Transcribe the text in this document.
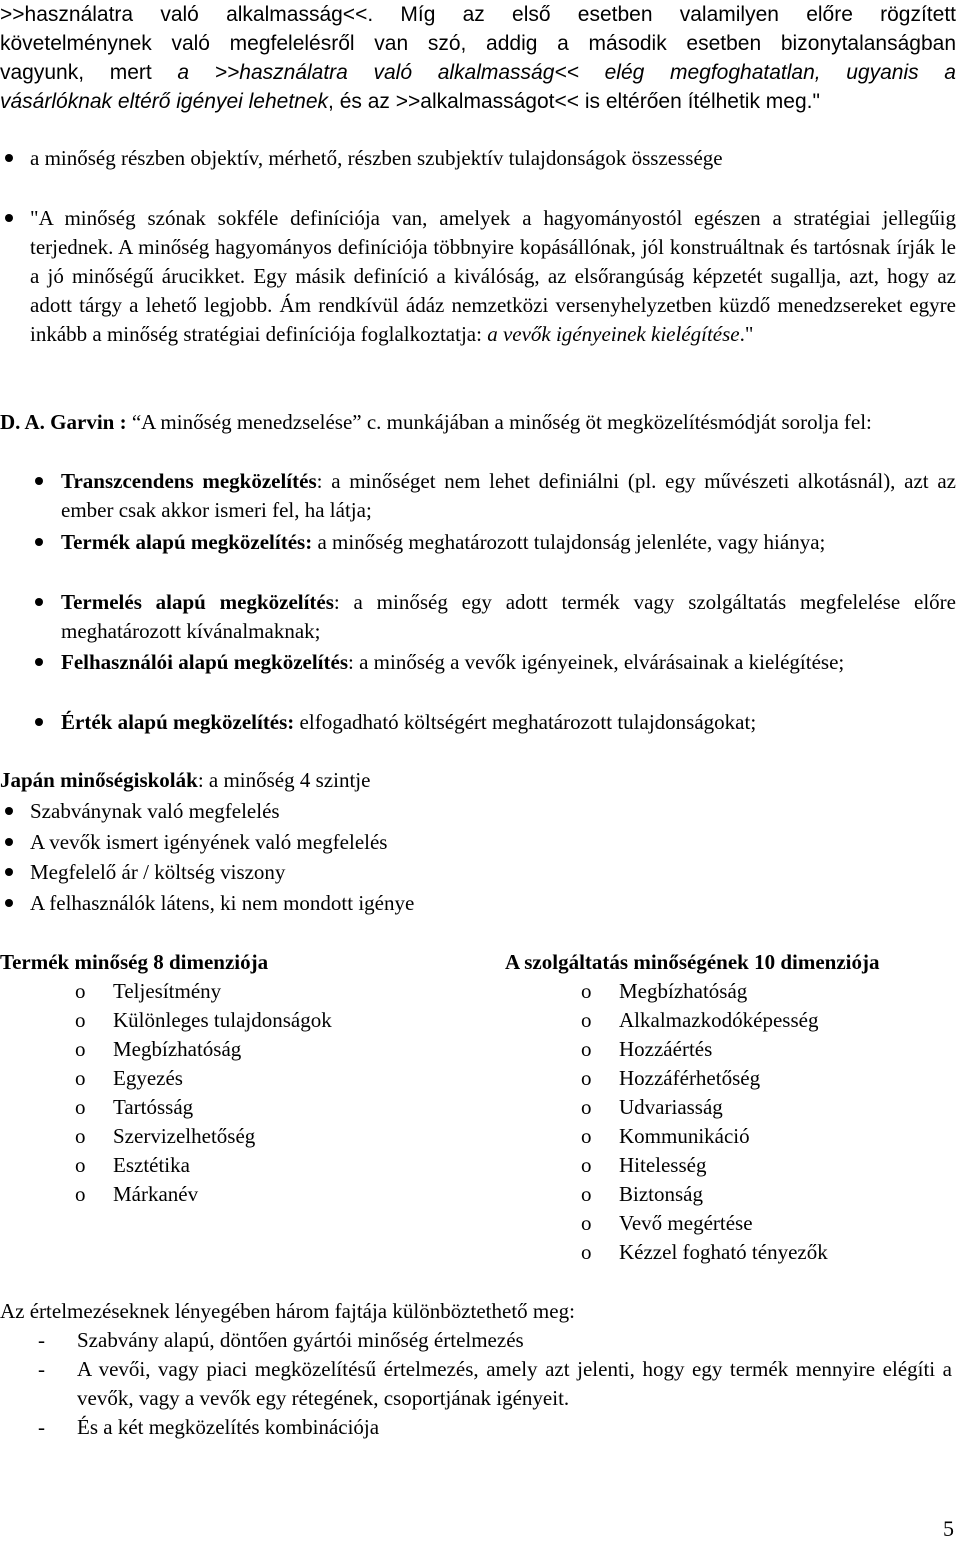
>>használatra való alkalmasság<<. Míg az első esetben valamilyen előre rögzített
követelménynek való megfelelésről van szó, addig a második esetben bizonytalanságban
vagyunk, mert a >>használatra való alkalmasság<< elég megfoghatatlan, ugyanis a
vásárlóknak eltérő igényei lehetnek, és az >>alkalmasságot<< is eltérően ítélhetik meg."
a minőség részben objektív, mérhető, részben szubjektív tulajdonságok összessége
"A minőség szónak sokféle definíciója van, amelyek a hagyományostól egészen a stratégiai jellegűig terjednek. A minőség hagyományos definíciója többnyire kopásállónak, jól konstruáltnak és tartósnak írják le a jó minőségű árucikket. Egy másik definíció a kiválóság, az elsőrangúság képzetét sugallja, azt, hogy az adott tárgy a lehető legjobb. Ám rendkívül ádáz nemzetközi versenyhelyzetben küzdő menedzsereket egyre inkább a minőség stratégiai definíciója foglalkoztatja: a vevők igényeinek kielégítése."
D. A. Garvin : “A minőség menedzselése” c. munkájában a minőség öt megközelítésmódját sorolja fel:
Transzcendens megközelítés: a minőséget nem lehet definiálni (pl. egy művészeti alkotásnál), azt az ember csak akkor ismeri fel, ha látja;
Termék alapú megközelítés: a minőség meghatározott tulajdonság jelenléte, vagy hiánya;
Termelés alapú megközelítés: a minőség egy adott termék vagy szolgáltatás megfelelése előre meghatározott kívánalmaknak;
Felhasználói alapú megközelítés: a minőség a vevők igényeinek, elvárásainak a kielégítése;
Érték alapú megközelítés: elfogadható költségért meghatározott tulajdonságokat;
Japán minőségiskolák: a minőség 4 szintje
Szabványnak való megfelelés
A vevők ismert igényének való megfelelés
Megfelelő ár / költség viszony
A felhasználók látens, ki nem mondott igénye
Termék minőség 8 dimenziója	A szolgáltatás minőségének 10 dimenziója
o Teljesítmény
o Különleges tulajdonságok
o Megbízhatóság
o Egyezés
o Tartósság
o Szervizelhetőség
o Esztétika
o Márkanév
o Megbízhatóság
o Alkalmazkodóképesség
o Hozzáértés
o Hozzáférhetőség
o Udvariasság
o Kommunikáció
o Hitelesség
o Biztonság
o Vevő megértése
o Kézzel fogható tényezők
Az értelmezéseknek lényegében három fajtája különböztethető meg:
- Szabvány alapú, döntően gyártói minőség értelmezés
- A vevői, vagy piaci megközelítésű értelmezés, amely azt jelenti, hogy egy termék mennyire elégíti a vevők, vagy a vevők egy rétegének, csoportjának igényeit.
- És a két megközelítés kombinációja
5
